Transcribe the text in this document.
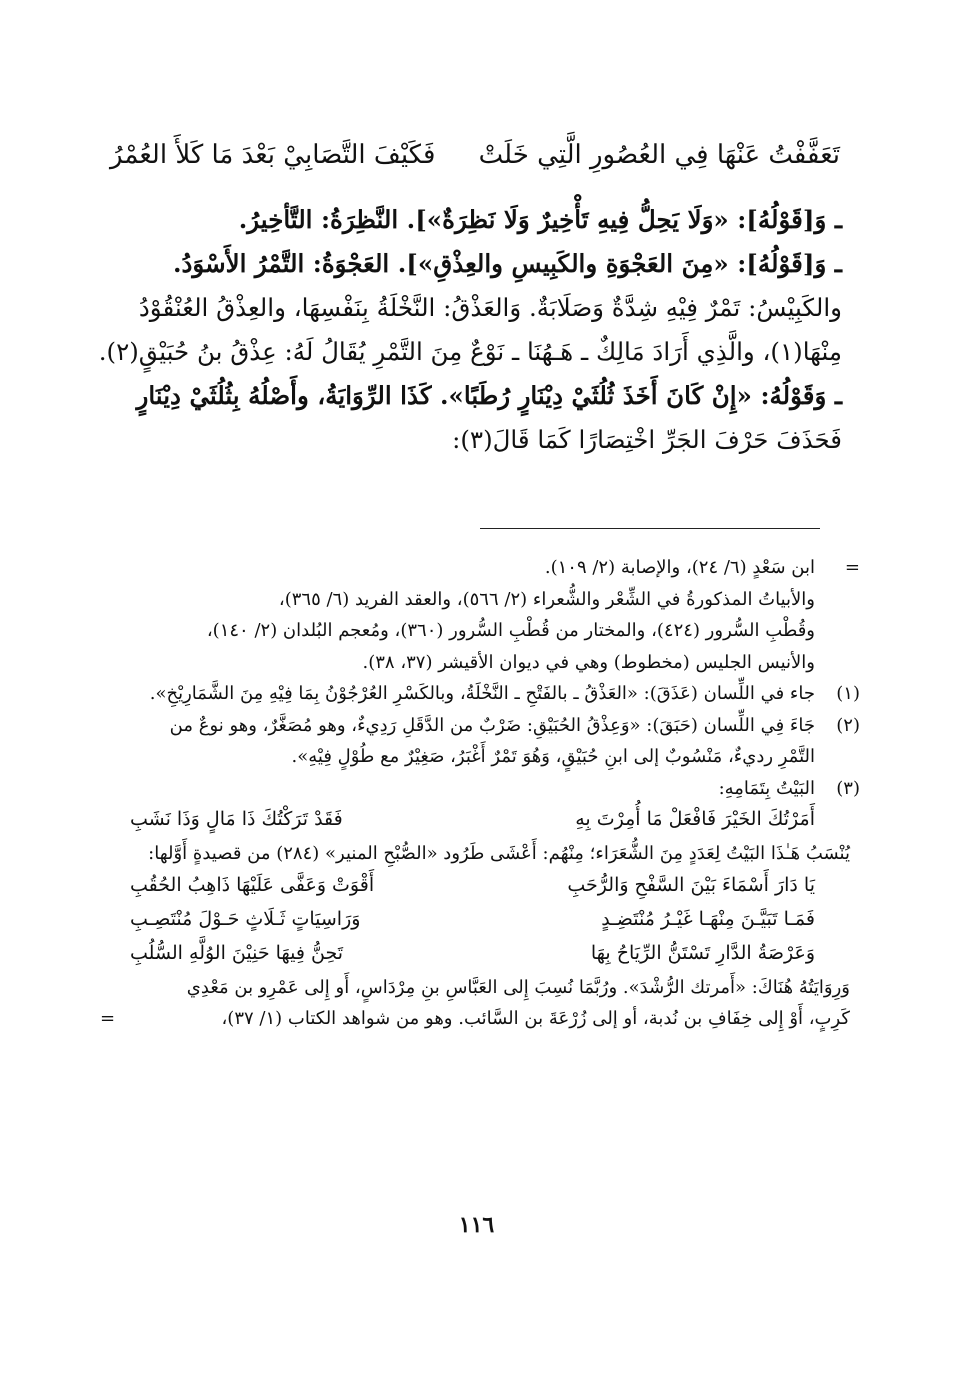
تَعَفَّفْتُ عَنْهَا فِي العُصُورِ الَّتِي خَلَتْ
فَكَيْفَ التَّصَابِيْ بَعْدَ مَا كَلأَ العُمْرُ

ـ وَ[قَوْلُهُ]: «وَلَا يَحِلُّ فِيهِ تَأْخِيرٌ وَلَا نَظِرَةٌ»]. النَّظِرَةُ: التَّأخِيرُ.

ـ وَ[قَوْلُهُ]: «مِنَ العَجْوَةِ والكَبِيسِ والعِذْقِ»]. العَجْوَةُ: التَّمْرُ الأَسْوَدُ.

والكَبِيْسُ: تَمْرٌ فِيْهِ شِدَّةٌ وَصَلَابَةٌ. وَالعَذْقُ: النَّخْلَةُ بِنَفْسِهَا، والعِذْقُ العُنْقُوْدُ

مِنْهَا(١)، والَّذِي أَرَادَ مَالِكٌ ـ هَـهُنَا ـ نَوْعٌ مِنَ التَّمْرِ يُقَالُ لَهُ: عِذْقُ بنُ حُبَيْقٍ(٢).

ـ وَقَوْلُهُ: «إِنْ كَانَ أَخَذَ ثُلُثَيْ دِيْنَارٍ رُطَبًا». كَذَا الرِّوَايَةُ، وأَصْلُهُ بِثُلُثَيْ دِيْنَارٍ

فَحَذَفَ حَرْفَ الجَرِّ اخْتِصَارًا كَمَا قَالَ(٣):

=
ابن سَعْدٍ (٦/ ٢٤)، والإصابة (٢/ ١٠٩).
والأبياتُ المذكورةُ في الشِّعْر والشُّعراء (٢/ ٥٦٦)، والعقد الفريد (٦/ ٣٦٥)،
وقُطْبِ السُّرور (٤٢٤)، والمختار من قُطْبِ السُّرور (٣٦٠)، ومُعجم البُلدان (٢/ ١٤٠)،
والأنيس الجليس (مخطوط) وهي في ديوان الأقيشر (٣٧، ٣٨).
(١)
جاء في اللِّسان (عَذَقَ): «العَذْقُ ـ بالفَتْحِ ـ النَّخْلَةُ، وبالكَسْرِ العُرْجُوْنُ بِمَا فِيْهِ مِنَ الشَّمَارِيْخِ».
(٢)
جَاءَ فِي اللِّسان (حَبَقَ): «وَعِذْقُ الحُبَيْقِ: ضَرْبٌ من الدَّقَلِ رَدِيءٌ، وهو مُصَغَّرٌ، وهو نوعٌ من
التَّمْرِ رديءٌ، مَنْسُوبٌ إلى ابنِ حُبَيْقٍ، وَهُوَ تَمْرٌ أَغْبَرُ، صَغِيْرٌ مع طُوْلٍ فِيْهِ».
(٣)
البَيْتُ بِتَمَامِهِ:
أَمَرْتُكَ الخَيْرَ فَافْعَلْ مَا أُمِرْتَ بِهِ
فَقَدْ تَرَكْتُكَ ذَا مَالٍ وَذَا نَشَبِ
يُنْسَبُ هَـٰذَا البَيْتُ لِعَدَدٍ مِنَ الشُّعَرَاء؛ مِنْهُم: أَعْشَى طَرُود «الصُّبْحِ المنير» (٢٨٤) من قصيدةٍ أَوَّلها:
يَا دَارَ أَسْمَاءَ بَيْنَ السَّفْحِ وَالرُّحَبِ
أَقْوَتْ وَعَفَّى عَلَيْهَا ذَاهِبُ الحُقُبِ
فَمَـا تَبَيَّـنَ مِنْهَـا غَيْـرُ مُنْتَضِـدٍ
وَرَاسِيَاتٍ ثَـلَاثٍ حَـوْلَ مُنْتَصِـبِ
وَعَرْصَةُ الدَّارِ تَسْتَنُّ الرِّيَاحُ بِهَا
تَحِنُّ فِيهَا حَنِيْنَ الوُلَّهِ السُّلُبِ
وَرِوَايَتُهُ هُنَاكَ: «أَمرتك الرُّشْدَ». ورُبَّمَا نُسِبَ إِلى العَبَّاسِ بنِ مِرْدَاسٍ، أَو إِلى عَمْرِو بن مَعْدِي
كَرِبٍ، أَوْ إِلى خِفَافِ بن نُدبة، أو إلى زُرْعَةَ بن السَّائب. وهو من شواهد الكتاب (١/ ٣٧)،
=
١١٦
